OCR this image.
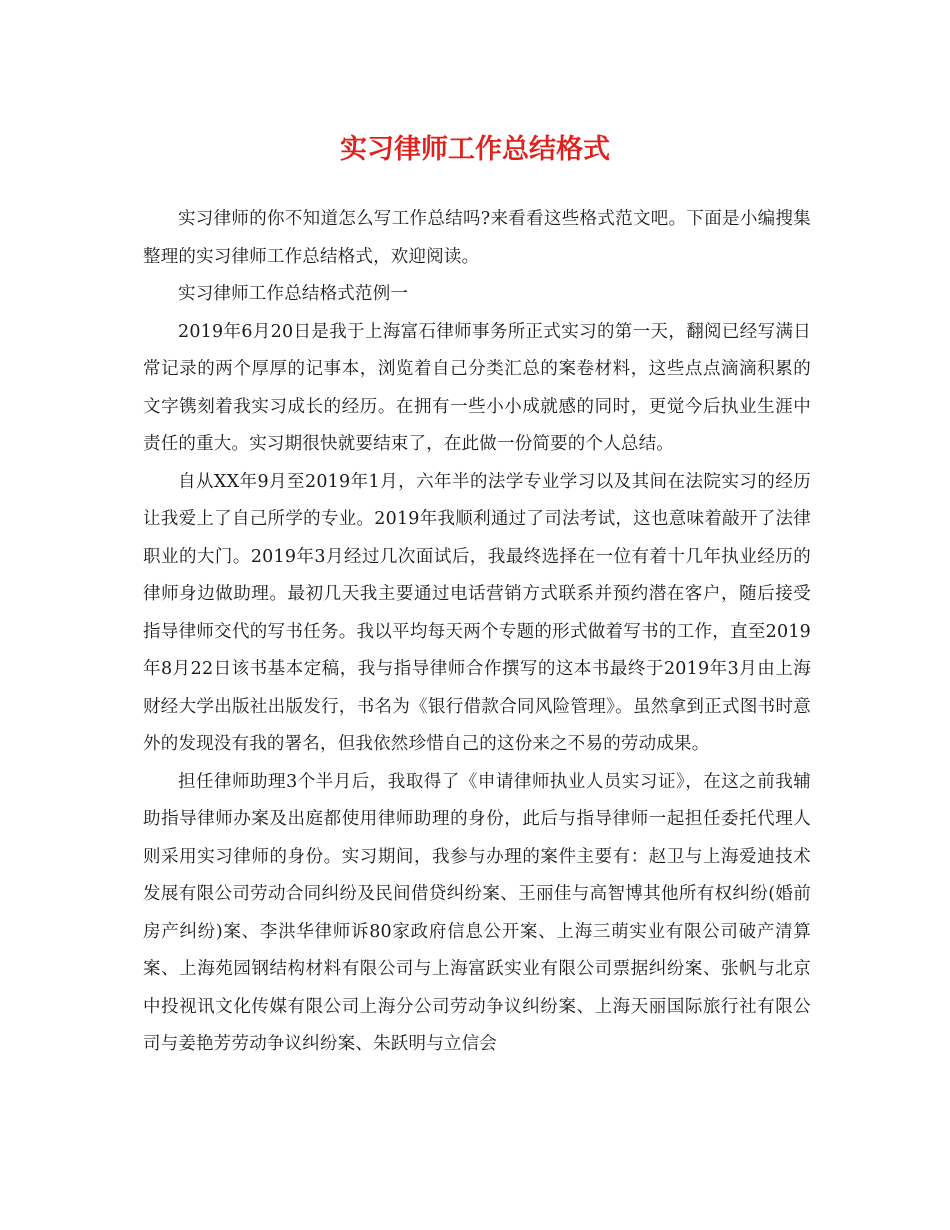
实习律师工作总结格式

实习律师的你不知道怎么写工作总结吗?来看看这些格式范文吧。下面是小编搜集整理的实习律师工作总结格式，欢迎阅读。

实习律师工作总结格式范例一

2019年6月20日是我于上海富石律师事务所正式实习的第一天，翻阅已经写满日常记录的两个厚厚的记事本，浏览着自己分类汇总的案卷材料，这些点点滴滴积累的文字镌刻着我实习成长的经历。在拥有一些小小成就感的同时，更觉今后执业生涯中责任的重大。实习期很快就要结束了，在此做一份简要的个人总结。

自从XX年9月至2019年1月，六年半的法学专业学习以及其间在法院实习的经历让我爱上了自己所学的专业。2019年我顺利通过了司法考试，这也意味着敲开了法律职业的大门。2019年3月经过几次面试后，我最终选择在一位有着十几年执业经历的律师身边做助理。最初几天我主要通过电话营销方式联系并预约潜在客户，随后接受指导律师交代的写书任务。我以平均每天两个专题的形式做着写书的工作，直至2019年8月22日该书基本定稿，我与指导律师合作撰写的这本书最终于2019年3月由上海财经大学出版社出版发行，书名为《银行借款合同风险管理》。虽然拿到正式图书时意外的发现没有我的署名，但我依然珍惜自己的这份来之不易的劳动成果。

担任律师助理3个半月后，我取得了《申请律师执业人员实习证》，在这之前我辅助指导律师办案及出庭都使用律师助理的身份，此后与指导律师一起担任委托代理人则采用实习律师的身份。实习期间，我参与办理的案件主要有：赵卫与上海爱迪技术发展有限公司劳动合同纠纷及民间借贷纠纷案、王丽佳与高智博其他所有权纠纷(婚前房产纠纷)案、李洪华律师诉80家政府信息公开案、上海三萌实业有限公司破产清算案、上海苑园钢结构材料有限公司与上海富跃实业有限公司票据纠纷案、张帆与北京中投视讯文化传媒有限公司上海分公司劳动争议纠纷案、上海天丽国际旅行社有限公司与姜艳芳劳动争议纠纷案、朱跃明与立信会
